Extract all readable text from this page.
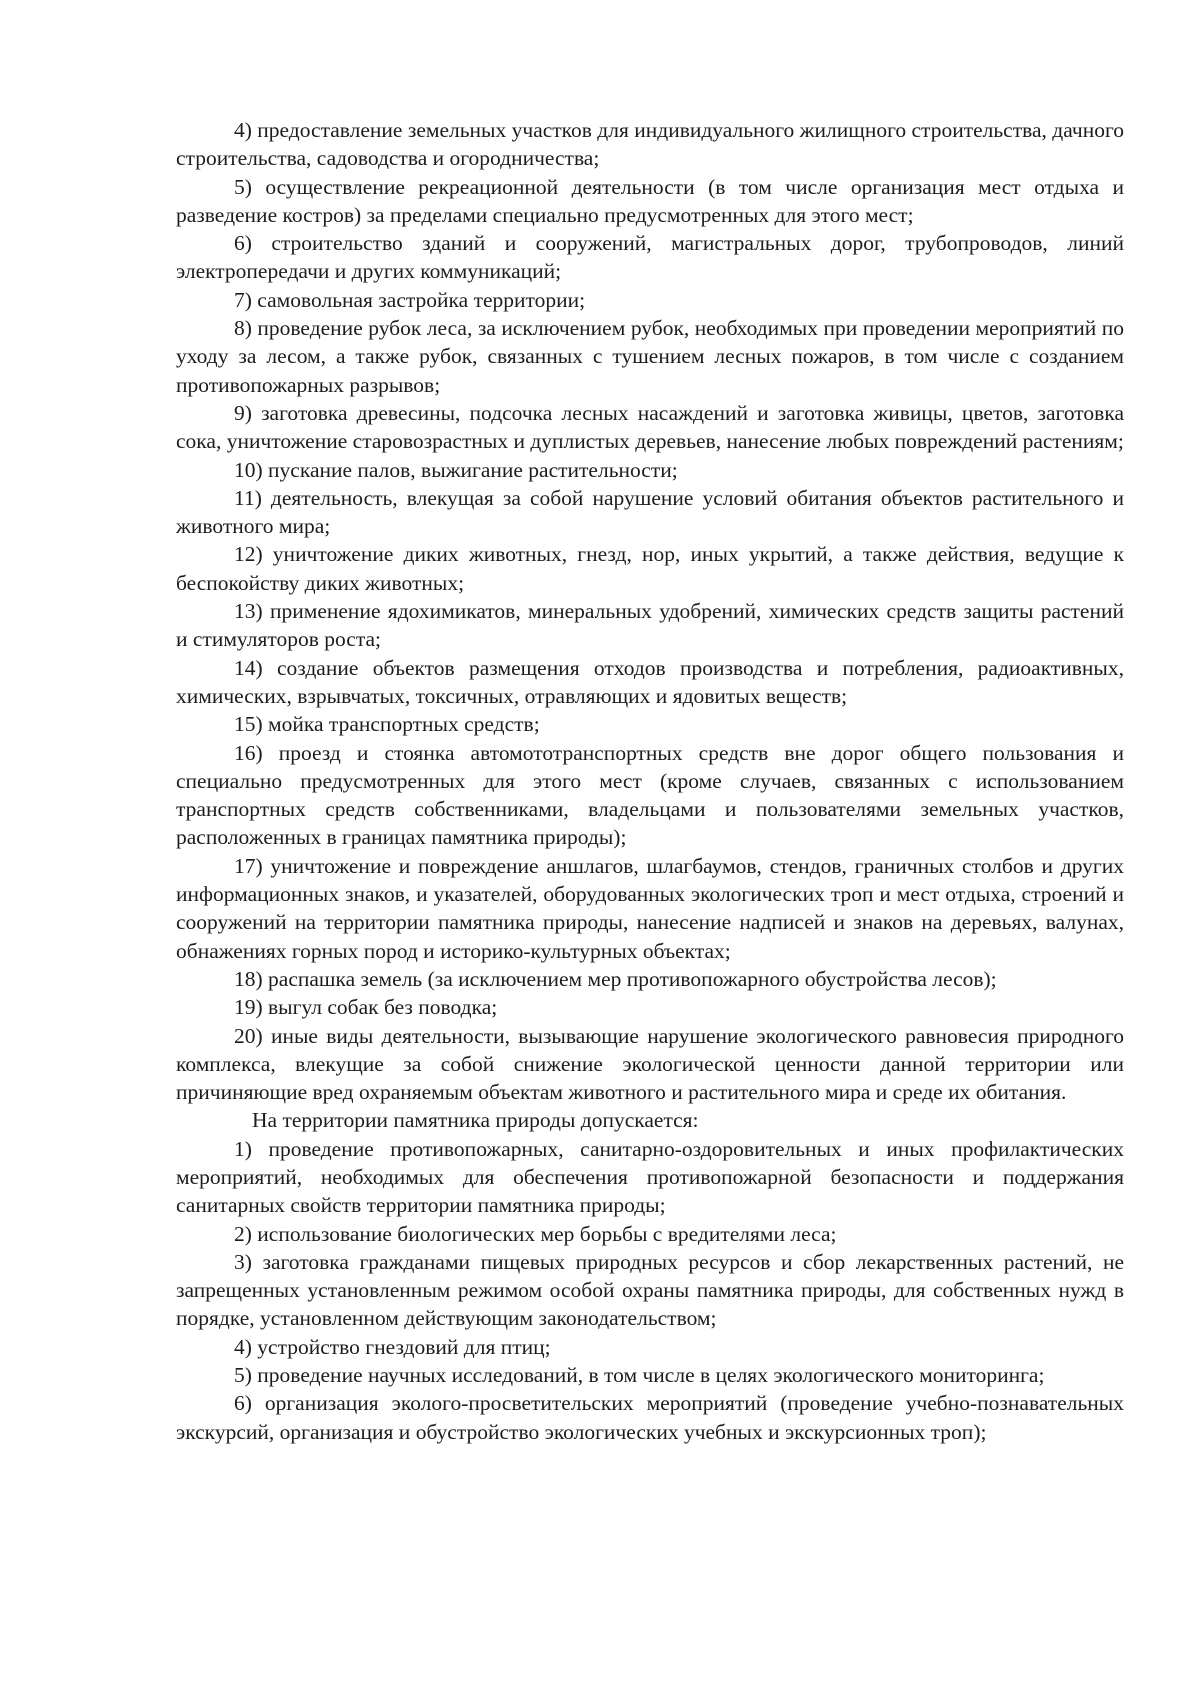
4) предоставление земельных участков для индивидуального жилищного строительства, дачного строительства, садоводства и огородничества;

5) осуществление рекреационной деятельности (в том числе организация мест отдыха и разведение костров) за пределами специально предусмотренных для этого мест;

6) строительство зданий и сооружений, магистральных дорог, трубопроводов, линий электропередачи и других коммуникаций;

7) самовольная застройка территории;

8) проведение рубок леса, за исключением рубок, необходимых при проведении мероприятий по уходу за лесом, а также рубок, связанных с тушением лесных пожаров, в том числе с созданием противопожарных разрывов;

9) заготовка древесины, подсочка лесных насаждений и заготовка живицы, цветов, заготовка сока, уничтожение старовозрастных и дуплистых деревьев, нанесение любых повреждений растениям;

10) пускание палов, выжигание растительности;

11) деятельность, влекущая за собой нарушение условий обитания объектов растительного и животного мира;

12) уничтожение диких животных, гнезд, нор, иных укрытий, а также действия, ведущие к беспокойству диких животных;

13) применение ядохимикатов, минеральных удобрений, химических средств защиты растений и стимуляторов роста;

14) создание объектов размещения отходов производства и потребления, радиоактивных, химических, взрывчатых, токсичных, отравляющих и ядовитых веществ;

15) мойка транспортных средств;

16) проезд и стоянка автомототранспортных средств вне дорог общего пользования и специально предусмотренных для этого мест (кроме случаев, связанных с использованием транспортных средств собственниками, владельцами и пользователями земельных участков, расположенных в границах памятника природы);

17) уничтожение и повреждение аншлагов, шлагбаумов, стендов, граничных столбов и других информационных знаков, и указателей, оборудованных экологических троп и мест отдыха, строений и сооружений на территории памятника природы, нанесение надписей и знаков на деревьях, валунах, обнажениях горных пород и историко-культурных объектах;

18) распашка земель (за исключением мер противопожарного обустройства лесов);

19) выгул собак без поводка;

20) иные виды деятельности, вызывающие нарушение экологического равновесия природного комплекса, влекущие за собой снижение экологической ценности данной территории или причиняющие вред охраняемым объектам животного и растительного мира и среде их обитания.

На территории памятника природы допускается:

1) проведение противопожарных, санитарно-оздоровительных и иных профилактических мероприятий, необходимых для обеспечения противопожарной безопасности и поддержания санитарных свойств территории памятника природы;

2) использование биологических мер борьбы с вредителями леса;

3) заготовка гражданами пищевых природных ресурсов и сбор лекарственных растений, не запрещенных установленным режимом особой охраны памятника природы, для собственных нужд в порядке, установленном действующим законодательством;

4) устройство гнездовий для птиц;

5) проведение научных исследований, в том числе в целях экологического мониторинга;

6) организация эколого-просветительских мероприятий (проведение учебно-познавательных экскурсий, организация и обустройство экологических учебных и экскурсионных троп);
